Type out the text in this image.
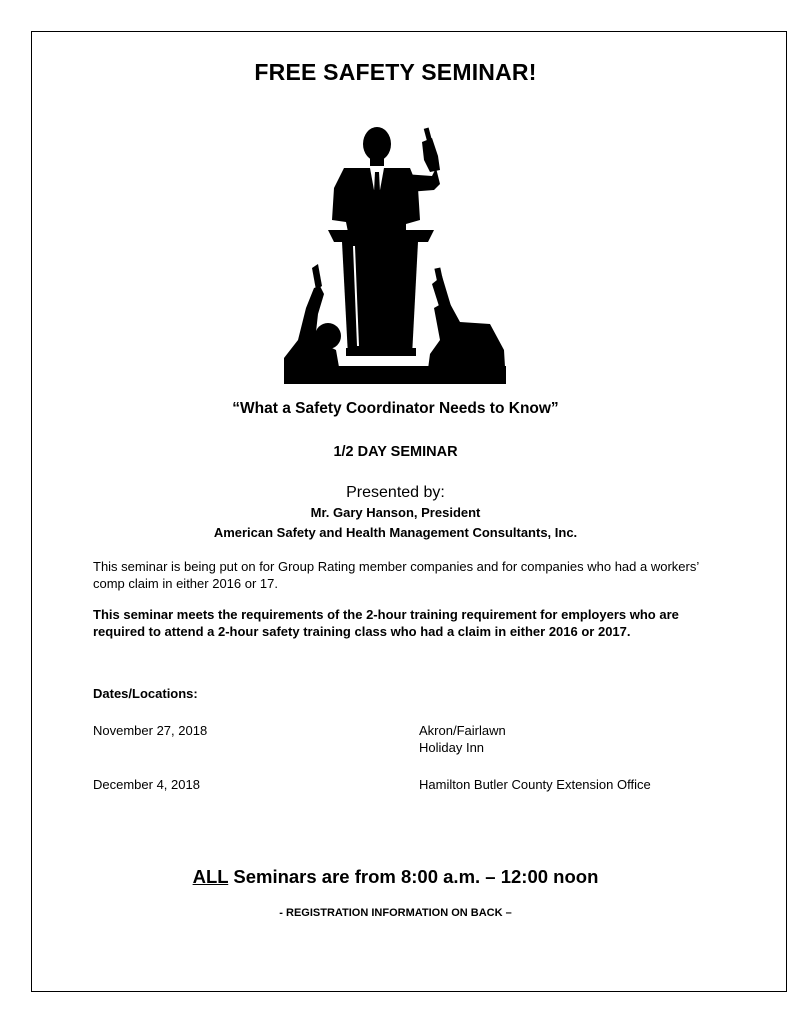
FREE SAFETY SEMINAR!
“What a Safety Coordinator Needs to Know”
1/2 DAY SEMINAR
Presented by:
Mr. Gary Hanson, President
American Safety and Health Management Consultants, Inc.
This seminar is being put on for Group Rating member companies and for companies who had a workers’ comp claim in either 2016 or 17.
This seminar meets the requirements of the 2-hour training requirement for employers who are required to attend a 2-hour safety training class who had a claim in either 2016 or 2017.
Dates/Locations:
November 27, 2018	Akron/Fairlawn
Holiday Inn
December 4, 2018	Hamilton Butler County Extension Office
ALL Seminars are from 8:00 a.m. – 12:00 noon
- REGISTRATION INFORMATION ON BACK –
